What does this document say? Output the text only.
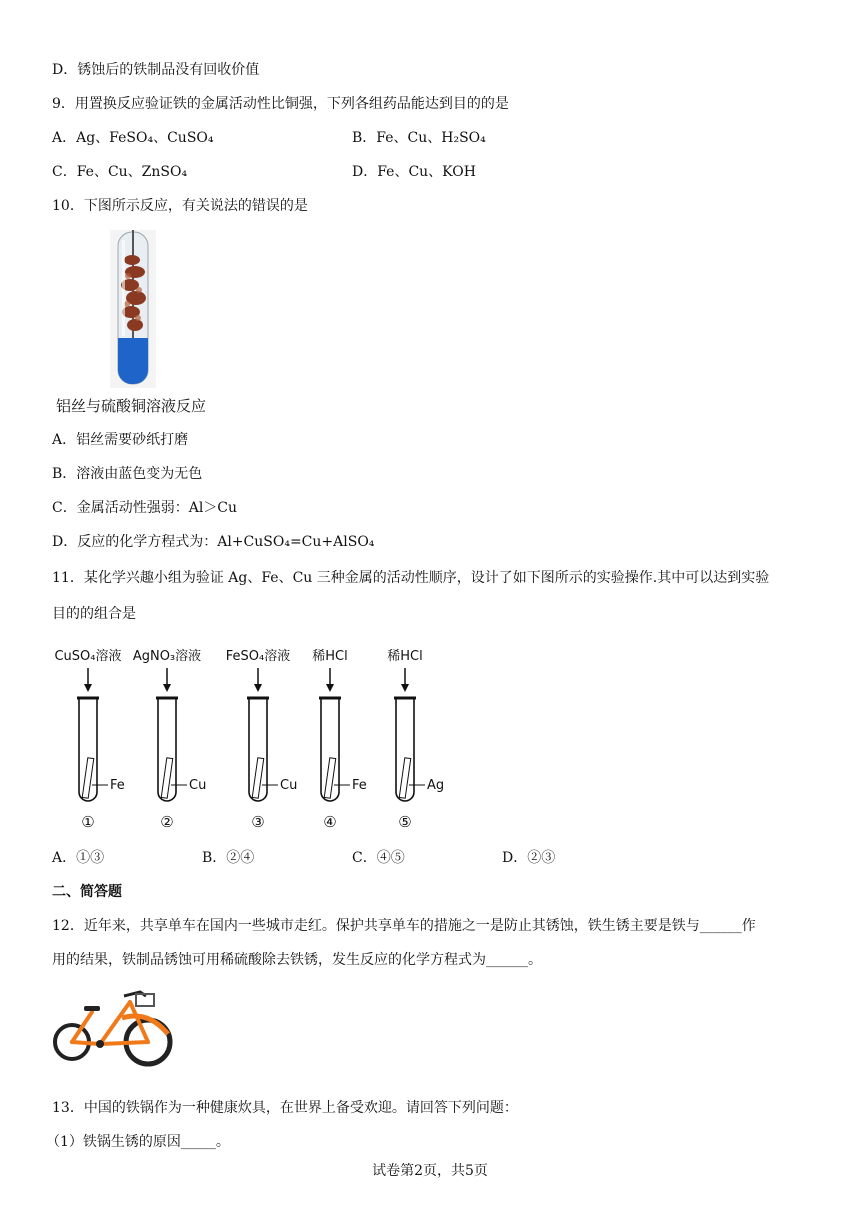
D．锈蚀后的铁制品没有回收价值
9．用置换反应验证铁的金属活动性比铜强，下列各组药品能达到目的的是
A．Ag、FeSO₄、CuSO₄	B．Fe、Cu、H₂SO₄
C．Fe、Cu、ZnSO₄	D．Fe、Cu、KOH
10．下图所示反应，有关说法的错误的是
铝丝与硫酸铜溶液反应
A．铝丝需要砂纸打磨
B．溶液由蓝色变为无色
C．金属活动性强弱：Al＞Cu
D．反应的化学方程式为：Al+CuSO₄=Cu+AlSO₄
11．某化学兴趣小组为验证 Ag、Fe、Cu 三种金属的活动性顺序，设计了如下图所示的实验操作.其中可以达到实验
目的的组合是
CuSO₄溶液
Fe
①
AgNO₃溶液
Cu
②
FeSO₄溶液
Cu
③
稀HCl
Fe
④
稀HCl
Ag
⑤
A．①③	B．②④	C．④⑤	D．②③
二、简答题
12．近年来，共享单车在国内一些城市走红。保护共享单车的措施之一是防止其锈蚀，铁生锈主要是铁与______作
用的结果，铁制品锈蚀可用稀硫酸除去铁锈，发生反应的化学方程式为______。
13．中国的铁锅作为一种健康炊具，在世界上备受欢迎。请回答下列问题：
（1）铁锅生锈的原因_____。
试卷第2页，共5页
